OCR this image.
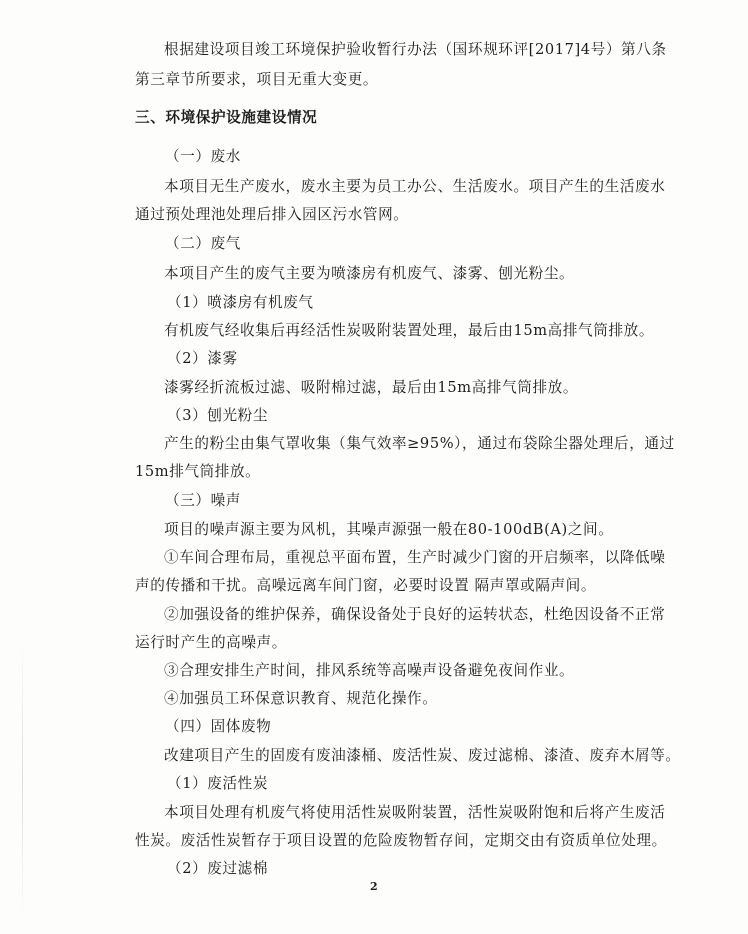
根据建设项目竣工环境保护验收暂行办法（国环规环评[2017]4号）第八条
第三章节所要求，项目无重大变更。
三、环境保护设施建设情况
（一）废水
本项目无生产废水，废水主要为员工办公、生活废水。项目产生的生活废水
通过预处理池处理后排入园区污水管网。
（二）废气
本项目产生的废气主要为喷漆房有机废气、漆雾、刨光粉尘。
（1）喷漆房有机废气
有机废气经收集后再经活性炭吸附装置处理，最后由15m高排气筒排放。
（2）漆雾
漆雾经折流板过滤、吸附棉过滤，最后由15m高排气筒排放。
（3）刨光粉尘
产生的粉尘由集气罩收集（集气效率≥95%），通过布袋除尘器处理后，通过
15m排气筒排放。
（三）噪声
项目的噪声源主要为风机，其噪声源强一般在80-100dB(A)之间。
①车间合理布局，重视总平面布置，生产时减少门窗的开启频率，以降低噪
声的传播和干扰。高噪远离车间门窗，必要时设置 隔声罩或隔声间。
②加强设备的维护保养，确保设备处于良好的运转状态，杜绝因设备不正常
运行时产生的高噪声。
③合理安排生产时间，排风系统等高噪声设备避免夜间作业。
④加强员工环保意识教育、规范化操作。
（四）固体废物
改建项目产生的固废有废油漆桶、废活性炭、废过滤棉、漆渣、废弃木屑等。
（1）废活性炭
本项目处理有机废气将使用活性炭吸附装置，活性炭吸附饱和后将产生废活
性炭。废活性炭暂存于项目设置的危险废物暂存间，定期交由有资质单位处理。
（2）废过滤棉
2
